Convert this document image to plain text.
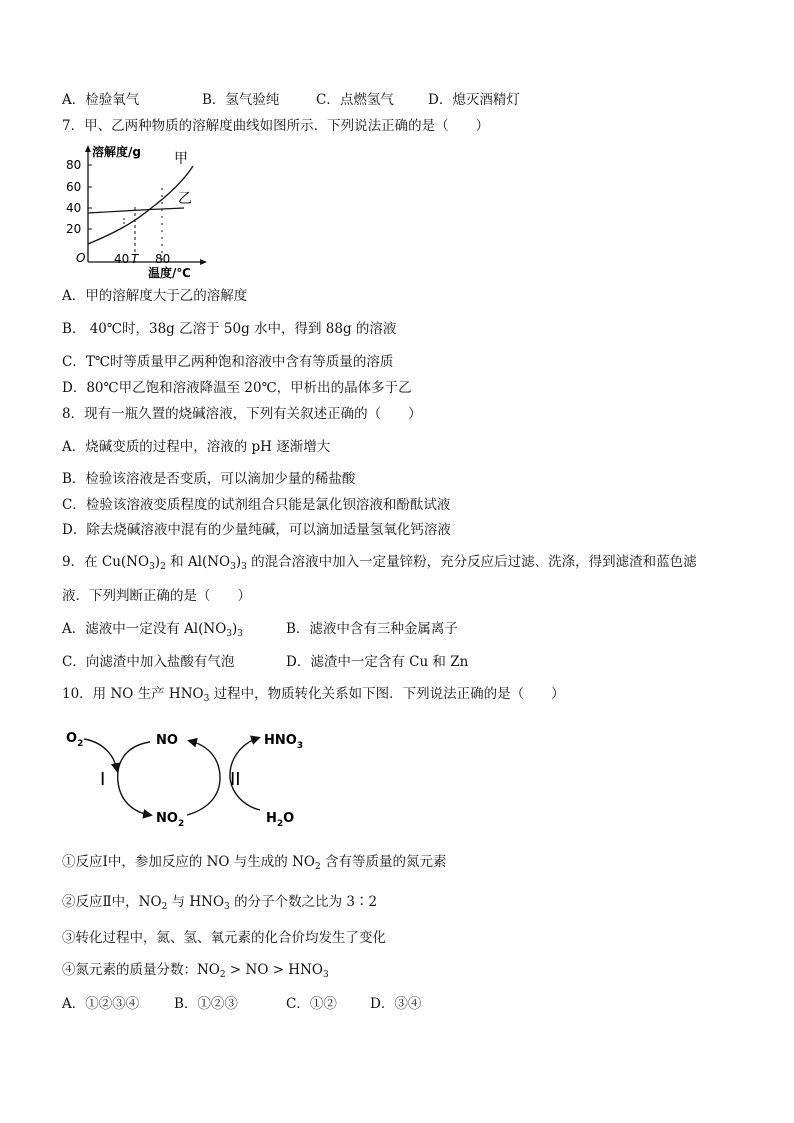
A．检验氧气	B．氢气验纯	C．点燃氢气	D．熄灭酒精灯
7．甲、乙两种物质的溶解度曲线如图所示．下列说法正确的是（　　）
溶解度/g
80
60
40
20
O 40 T 80
温度/℃
甲
乙
A．甲的溶解度大于乙的溶解度
B． 40℃时，38g 乙溶于 50g 水中，得到 88g 的溶液
C．T℃时等质量甲乙两种饱和溶液中含有等质量的溶质
D．80℃甲乙饱和溶液降温至 20℃，甲析出的晶体多于乙
8．现有一瓶久置的烧碱溶液，下列有关叙述正确的（　　）
A．烧碱变质的过程中，溶液的 pH 逐渐增大
B．检验该溶液是否变质，可以滴加少量的稀盐酸
C．检验该溶液变质程度的试剂组合只能是氯化钡溶液和酚酞试液
D．除去烧碱溶液中混有的少量纯碱，可以滴加适量氢氧化钙溶液
9．在 $Cu(NO_3)_2$ 和 $Al(NO_3)_3$ 的混合溶液中加入一定量锌粉，充分反应后过滤、洗涤，得到滤渣和蓝色滤
液．下列判断正确的是（　　）
A．滤液中一定没有 Al(NO3)3	B．滤液中含有三种金属离子
C．向滤渣中加入盐酸有气泡	D．滤渣中一定含有 Cu 和 Zn
10．用 NO 生产 $HNO_3$ 过程中，物质转化关系如下图．下列说法正确的是（　　）
$O_2$	NO	$HNO_3$
$NO_2$	$H_2O$
I	II
①反应Ⅰ中，参加反应的 NO 与生成的 $NO_2$ 含有等质量的氮元素
②反应Ⅱ中，$NO_2$ 与 $HNO_3$ 的分子个数之比为 3∶2
③转化过程中，氮、氢、氧元素的化合价均发生了变化
④氮元素的质量分数：$NO_2$ > NO > $HNO_3$
A．①②③④	B．①②③	C．①② D．③④
